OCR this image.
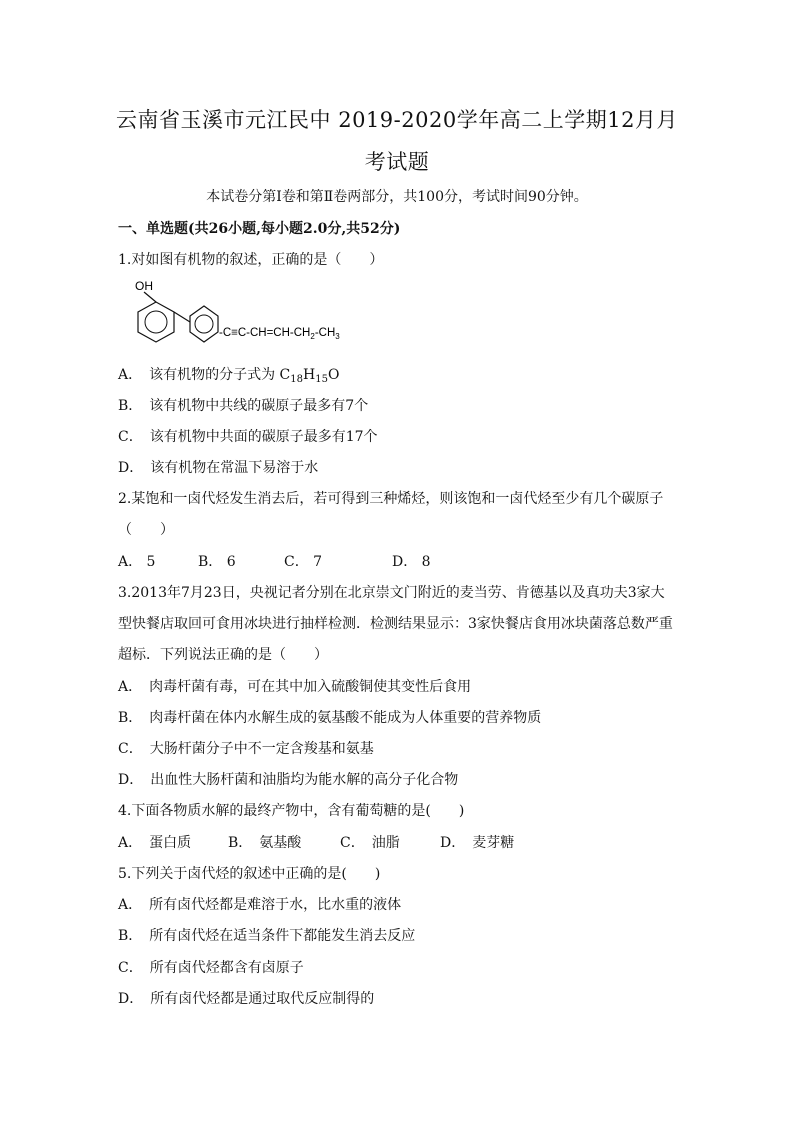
云南省玉溪市元江民中 2019-2020学年高二上学期12月月
考试题
本试卷分第Ⅰ卷和第Ⅱ卷两部分，共100分，考试时间90分钟。
一、单选题(共26小题,每小题2.0分,共52分)
1.对如图有机物的叙述，正确的是（　　）
OH
$-C\equiv C-CH=CH-CH_2-CH_3$
A．　该有机物的分子式为 $C_{18}H_{15}O$
B．　该有机物中共线的碳原子最多有7个
C．　该有机物中共面的碳原子最多有17个
D．　该有机物在常温下易溶于水
2.某饱和一卤代烃发生消去后，若可得到三种烯烃，则该饱和一卤代烃至少有几个碳原子
（　　）
A． 5	B． 6	C． 7	D． 8
3.2013年7月23日，央视记者分别在北京崇文门附近的麦当劳、肯德基以及真功夫3家大
型快餐店取回可食用冰块进行抽样检测．检测结果显示：3家快餐店食用冰块菌落总数严重
超标．下列说法正确的是（　　）
A．　肉毒杆菌有毒，可在其中加入硫酸铜使其变性后食用
B．　肉毒杆菌在体内水解生成的氨基酸不能成为人体重要的营养物质
C．　大肠杆菌分子中不一定含羧基和氨基
D．　出血性大肠杆菌和油脂均为能水解的高分子化合物
4.下面各物质水解的最终产物中，含有葡萄糖的是(　　)
A．　蛋白质	B．　氨基酸	C．　油脂	D．　麦芽糖
5.下列关于卤代烃的叙述中正确的是(　　)
A．　所有卤代烃都是难溶于水，比水重的液体
B．　所有卤代烃在适当条件下都能发生消去反应
C．　所有卤代烃都含有卤原子
D．　所有卤代烃都是通过取代反应制得的
